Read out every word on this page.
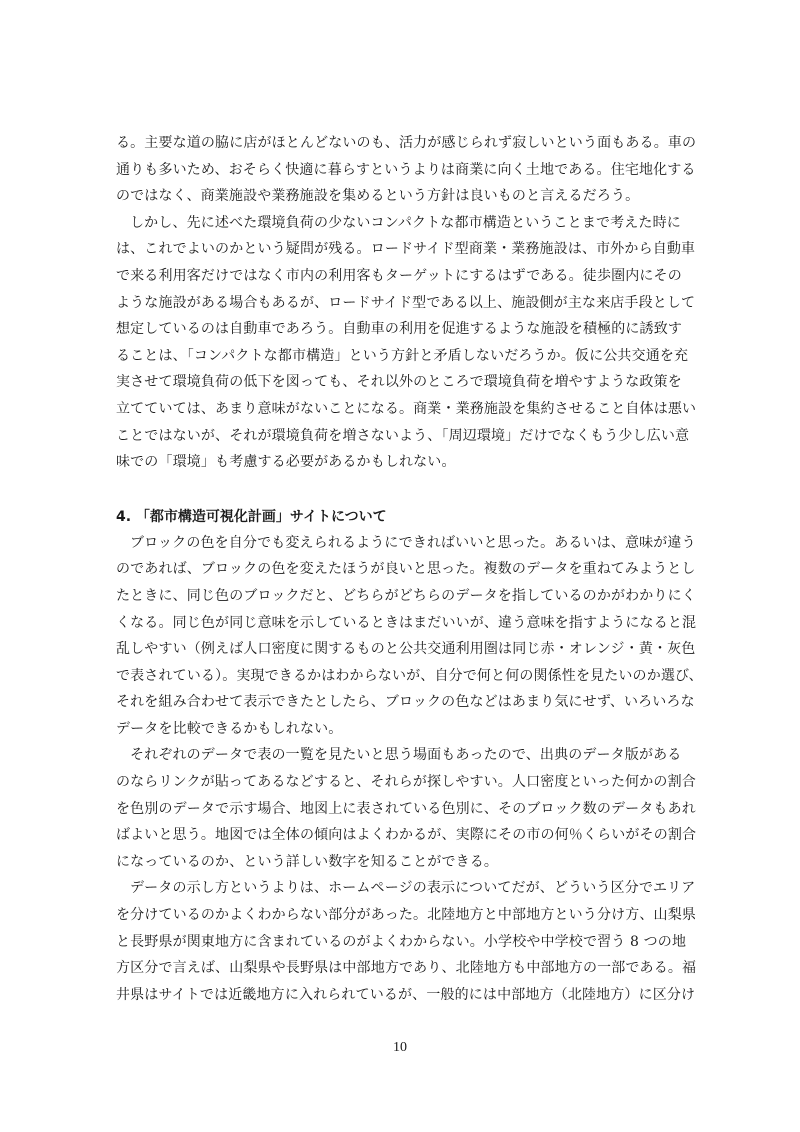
る。主要な道の脇に店がほとんどないのも、活力が感じられず寂しいという面もある。車の
通りも多いため、おそらく快適に暮らすというよりは商業に向く土地である。住宅地化する
のではなく、商業施設や業務施設を集めるという方針は良いものと言えるだろう。
しかし、先に述べた環境負荷の少ないコンパクトな都市構造ということまで考えた時に
は、これでよいのかという疑問が残る。ロードサイド型商業・業務施設は、市外から自動車
で来る利用客だけではなく市内の利用客もターゲットにするはずである。徒歩圏内にその
ような施設がある場合もあるが、ロードサイド型である以上、施設側が主な来店手段として
想定しているのは自動車であろう。自動車の利用を促進するような施設を積極的に誘致す
ることは、「コンパクトな都市構造」という方針と矛盾しないだろうか。仮に公共交通を充
実させて環境負荷の低下を図っても、それ以外のところで環境負荷を増やすような政策を
立てていては、あまり意味がないことになる。商業・業務施設を集約させること自体は悪い
ことではないが、それが環境負荷を増さないよう、「周辺環境」だけでなくもう少し広い意
味での「環境」も考慮する必要があるかもしれない。
4. 「都市構造可視化計画」サイトについて
ブロックの色を自分でも変えられるようにできればいいと思った。あるいは、意味が違う
のであれば、ブロックの色を変えたほうが良いと思った。複数のデータを重ねてみようとし
たときに、同じ色のブロックだと、どちらがどちらのデータを指しているのかがわかりにく
くなる。同じ色が同じ意味を示しているときはまだいいが、違う意味を指すようになると混
乱しやすい（例えば人口密度に関するものと公共交通利用圏は同じ赤・オレンジ・黄・灰色
で表されている）。実現できるかはわからないが、自分で何と何の関係性を見たいのか選び、
それを組み合わせて表示できたとしたら、ブロックの色などはあまり気にせず、いろいろな
データを比較できるかもしれない。
それぞれのデータで表の一覧を見たいと思う場面もあったので、出典のデータ版がある
のならリンクが貼ってあるなどすると、それらが探しやすい。人口密度といった何かの割合
を色別のデータで示す場合、地図上に表されている色別に、そのブロック数のデータもあれ
ばよいと思う。地図では全体の傾向はよくわかるが、実際にその市の何％くらいがその割合
になっているのか、という詳しい数字を知ることができる。
データの示し方というよりは、ホームページの表示についてだが、どういう区分でエリア
を分けているのかよくわからない部分があった。北陸地方と中部地方という分け方、山梨県
と長野県が関東地方に含まれているのがよくわからない。小学校や中学校で習う 8 つの地
方区分で言えば、山梨県や長野県は中部地方であり、北陸地方も中部地方の一部である。福
井県はサイトでは近畿地方に入れられているが、一般的には中部地方（北陸地方）に区分け
10
